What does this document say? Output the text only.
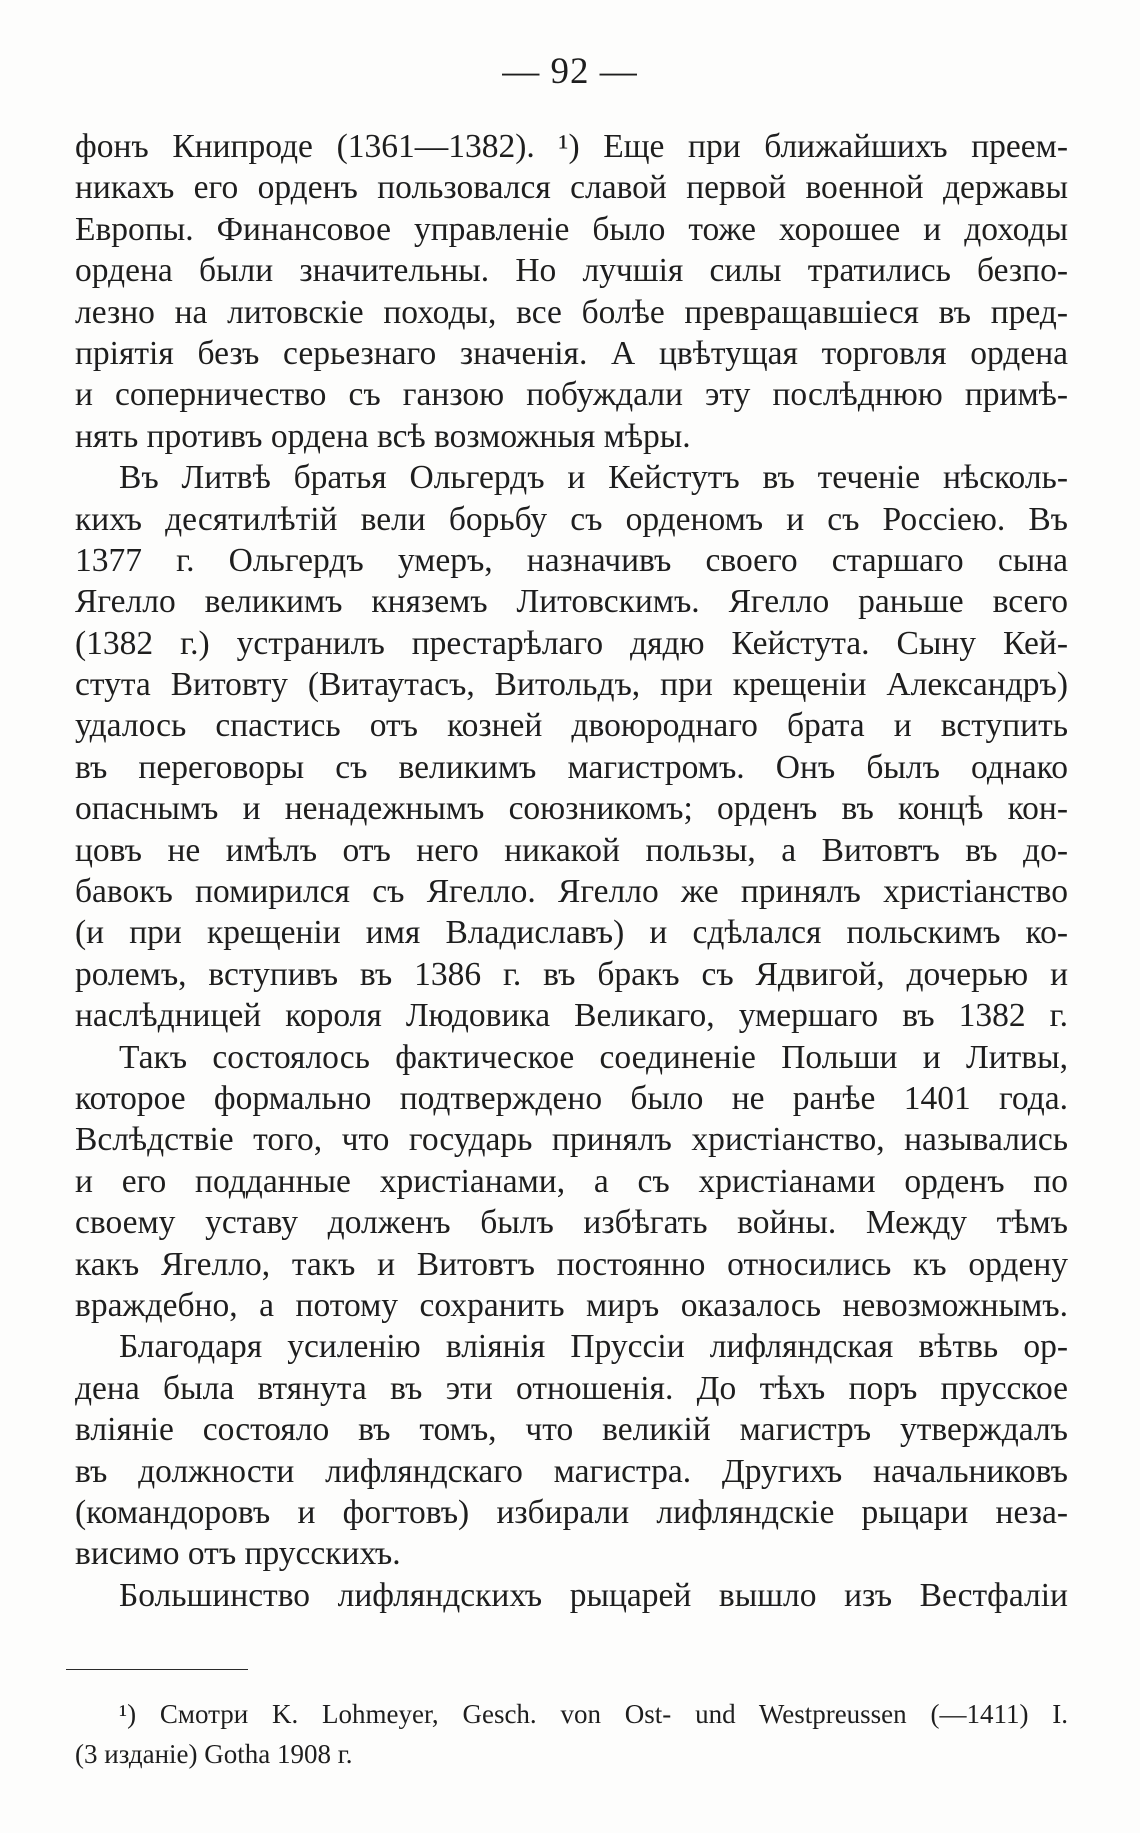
— 92 —
фонъ Книпроде (1361—1382). ¹) Еще при ближайшихъ преем-
никахъ его орденъ пользовался славой первой военной державы
Европы. Финансовое управленіе было тоже хорошее и доходы
ордена были значительны. Но лучшія силы тратились безпо-
лезно на литовскіе походы, все болѣе превращавшіеся въ пред-
пріятія безъ серьезнаго значенія. А цвѣтущая торговля ордена
и соперничество съ ганзою побуждали эту послѣднюю примѣ-
нять противъ ордена всѣ возможныя мѣры.
Въ Литвѣ братья Ольгердъ и Кейстутъ въ теченіе нѣсколь-
кихъ десятилѣтій вели борьбу съ орденомъ и съ Россіею. Въ
1377 г. Ольгердъ умеръ, назначивъ своего старшаго сына
Ягелло великимъ княземъ Литовскимъ. Ягелло раньше всего
(1382 г.) устранилъ престарѣлаго дядю Кейстута. Сыну Кей-
стута Витовту (Витаутасъ, Витольдъ, при крещеніи Александръ)
удалось спастись отъ козней двоюроднаго брата и вступить
въ переговоры съ великимъ магистромъ. Онъ былъ однако
опаснымъ и ненадежнымъ союзникомъ; орденъ въ концѣ кон-
цовъ не имѣлъ отъ него никакой пользы, а Витовтъ въ до-
бавокъ помирился съ Ягелло. Ягелло же принялъ христіанство
(и при крещеніи имя Владиславъ) и сдѣлался польскимъ ко-
ролемъ, вступивъ въ 1386 г. въ бракъ съ Ядвигой, дочерью и
наслѣдницей короля Людовика Великаго, умершаго въ 1382 г.
Такъ состоялось фактическое соединеніе Польши и Литвы,
которое формально подтверждено было не ранѣе 1401 года.
Вслѣдствіе того, что государь принялъ христіанство, назывались
и его подданные христіанами, а съ христіанами орденъ по
своему уставу долженъ былъ избѣгать войны. Между тѣмъ
какъ Ягелло, такъ и Витовтъ постоянно относились къ ордену
враждебно, а потому сохранить миръ оказалось невозможнымъ.
Благодаря усиленію вліянія Пруссіи лифляндская вѣтвь ор-
дена была втянута въ эти отношенія. До тѣхъ поръ прусское
вліяніе состояло въ томъ, что великій магистръ утверждалъ
въ должности лифляндскаго магистра. Другихъ начальниковъ
(командоровъ и фогтовъ) избирали лифляндскіе рыцари неза-
висимо отъ прусскихъ.
Большинство лифляндскихъ рыцарей вышло изъ Вестфаліи
¹) Смотри K. Lohmeyer, Gesch. von Ost- und Westpreussen (—1411) I.
(3 изданіе) Gotha 1908 г.
